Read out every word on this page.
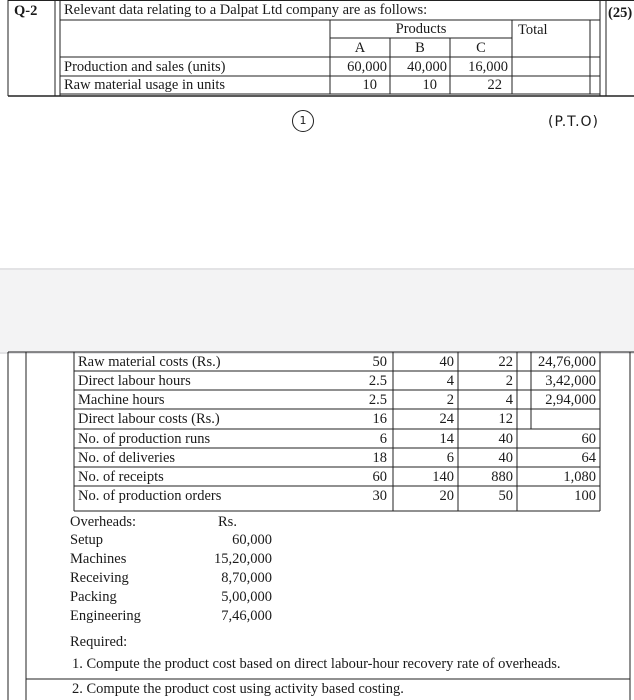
Q-2 Relevant data relating to a Dalpat Ltd company are as follows:	(25)
Products	Total
A	B	C
Production and sales (units)	60,000	40,000	16,000
Raw material usage in units	10	10	22
1	(P.T.O)
Raw material costs (Rs.)	50	40	22	24,76,000
Direct labour hours	2.5	4	2	3,42,000
Machine hours	2.5	2	4	2,94,000
Direct labour costs (Rs.)	16	24	12
No. of production runs	6	14	40	60
No. of deliveries	18	6	40	64
No. of receipts	60	140	880	1,080
No. of production orders	30	20	50	100
Overheads:	Rs.
Setup	60,000
Machines	15,20,000
Receiving	8,70,000
Packing	5,00,000
Engineering	7,46,000
Required:
1. Compute the product cost based on direct labour-hour recovery rate of overheads.
2. Compute the product cost using activity based costing.
